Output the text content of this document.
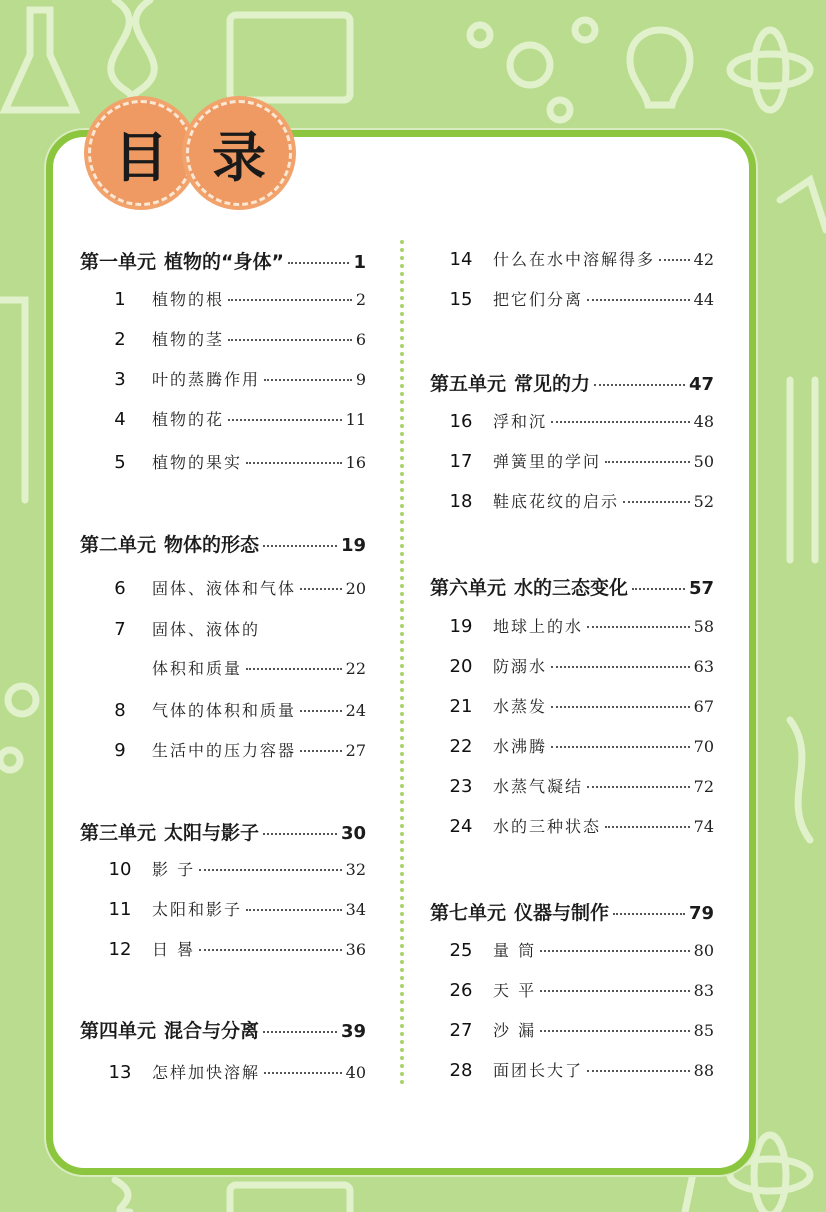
目 录
第一单元 植物的“身体”	1
1	植物的根	2
2	植物的茎	6
3	叶的蒸腾作用	9
4	植物的花	11
5	植物的果实	16
第二单元 物体的形态	19
6	固体、液体和气体	20
7	固体、液体的
体积和质量	22
8	气体的体积和质量	24
9	生活中的压力容器	27
第三单元 太阳与影子	30
10 影 子	32
11 太阳和影子	34
12 日 晷	36
第四单元 混合与分离	39
13 怎样加快溶解	40
14 什么在水中溶解得多 42
15 把它们分离	44
第五单元 常见的力	47
16 浮和沉	48
17 弹簧里的学问	50
18 鞋底花纹的启示	52
第六单元 水的三态变化	57
19 地球上的水	58
20 防溺水	63
21 水蒸发	67
22 水沸腾	70
23 水蒸气凝结	72
24 水的三种状态	74
第七单元 仪器与制作	79
25 量 筒	80
26 天 平	83
27 沙 漏	85
28 面团长大了	88
